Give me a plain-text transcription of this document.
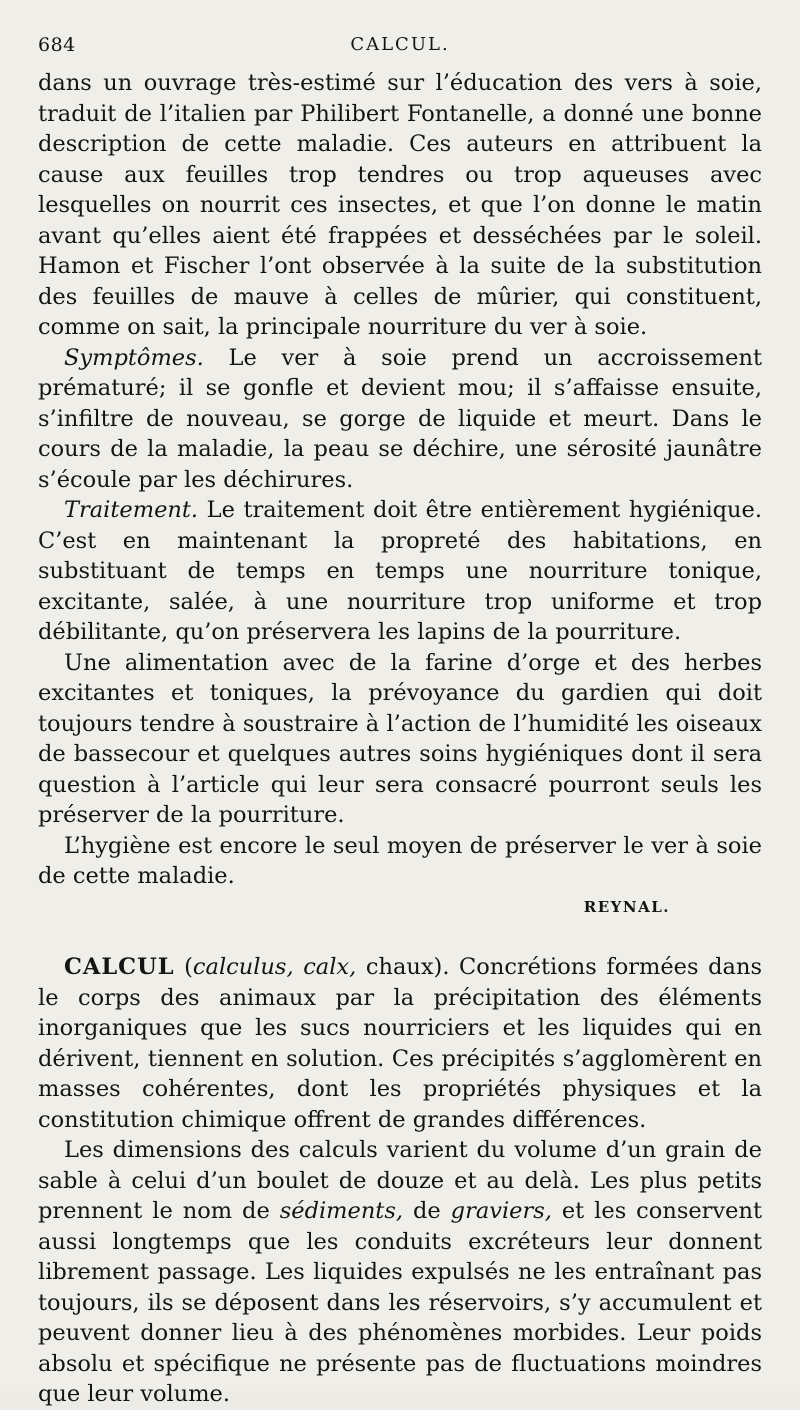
684	CALCUL.

dans un ouvrage très-estimé sur l’éducation des vers à soie, traduit de l’italien par Philibert Fontanelle, a donné une bonne description de cette maladie. Ces auteurs en attribuent la cause aux feuilles trop tendres ou trop aqueuses avec lesquelles on nourrit ces insectes, et que l’on donne le matin avant qu’elles aient été frappées et desséchées par le soleil. Hamon et Fischer l’ont observée à la suite de la substitution des feuilles de mauve à celles de mûrier, qui constituent, comme on sait, la principale nourriture du ver à soie.

Symptômes. Le ver à soie prend un accroissement prématuré; il se gonfle et devient mou; il s’affaisse ensuite, s’infiltre de nouveau, se gorge de liquide et meurt. Dans le cours de la maladie, la peau se déchire, une sérosité jaunâtre s’écoule par les déchirures.

Traitement. Le traitement doit être entièrement hygiénique. C’est en maintenant la propreté des habitations, en substituant de temps en temps une nourriture tonique, excitante, salée, à une nourriture trop uniforme et trop débilitante, qu’on préservera les lapins de la pourriture.

Une alimentation avec de la farine d’orge et des herbes excitantes et toniques, la prévoyance du gardien qui doit toujours tendre à soustraire à l’action de l’humidité les oiseaux de bassecour et quelques autres soins hygiéniques dont il sera question à l’article qui leur sera consacré pourront seuls les préserver de la pourriture.

L’hygiène est encore le seul moyen de préserver le ver à soie de cette maladie.

REYNAL.

CALCUL (calculus, calx, chaux). Concrétions formées dans le corps des animaux par la précipitation des éléments inorganiques que les sucs nourriciers et les liquides qui en dérivent, tiennent en solution. Ces précipités s’agglomèrent en masses cohérentes, dont les propriétés physiques et la constitution chimique offrent de grandes différences.

Les dimensions des calculs varient du volume d’un grain de sable à celui d’un boulet de douze et au delà. Les plus petits prennent le nom de sédiments, de graviers, et les conservent aussi longtemps que les conduits excréteurs leur donnent librement passage. Les liquides expulsés ne les entraînant pas toujours, ils se déposent dans les réservoirs, s’y accumulent et peuvent donner lieu à des phénomènes morbides. Leur poids absolu et spécifique ne présente pas de fluctuations moindres que leur volume.
